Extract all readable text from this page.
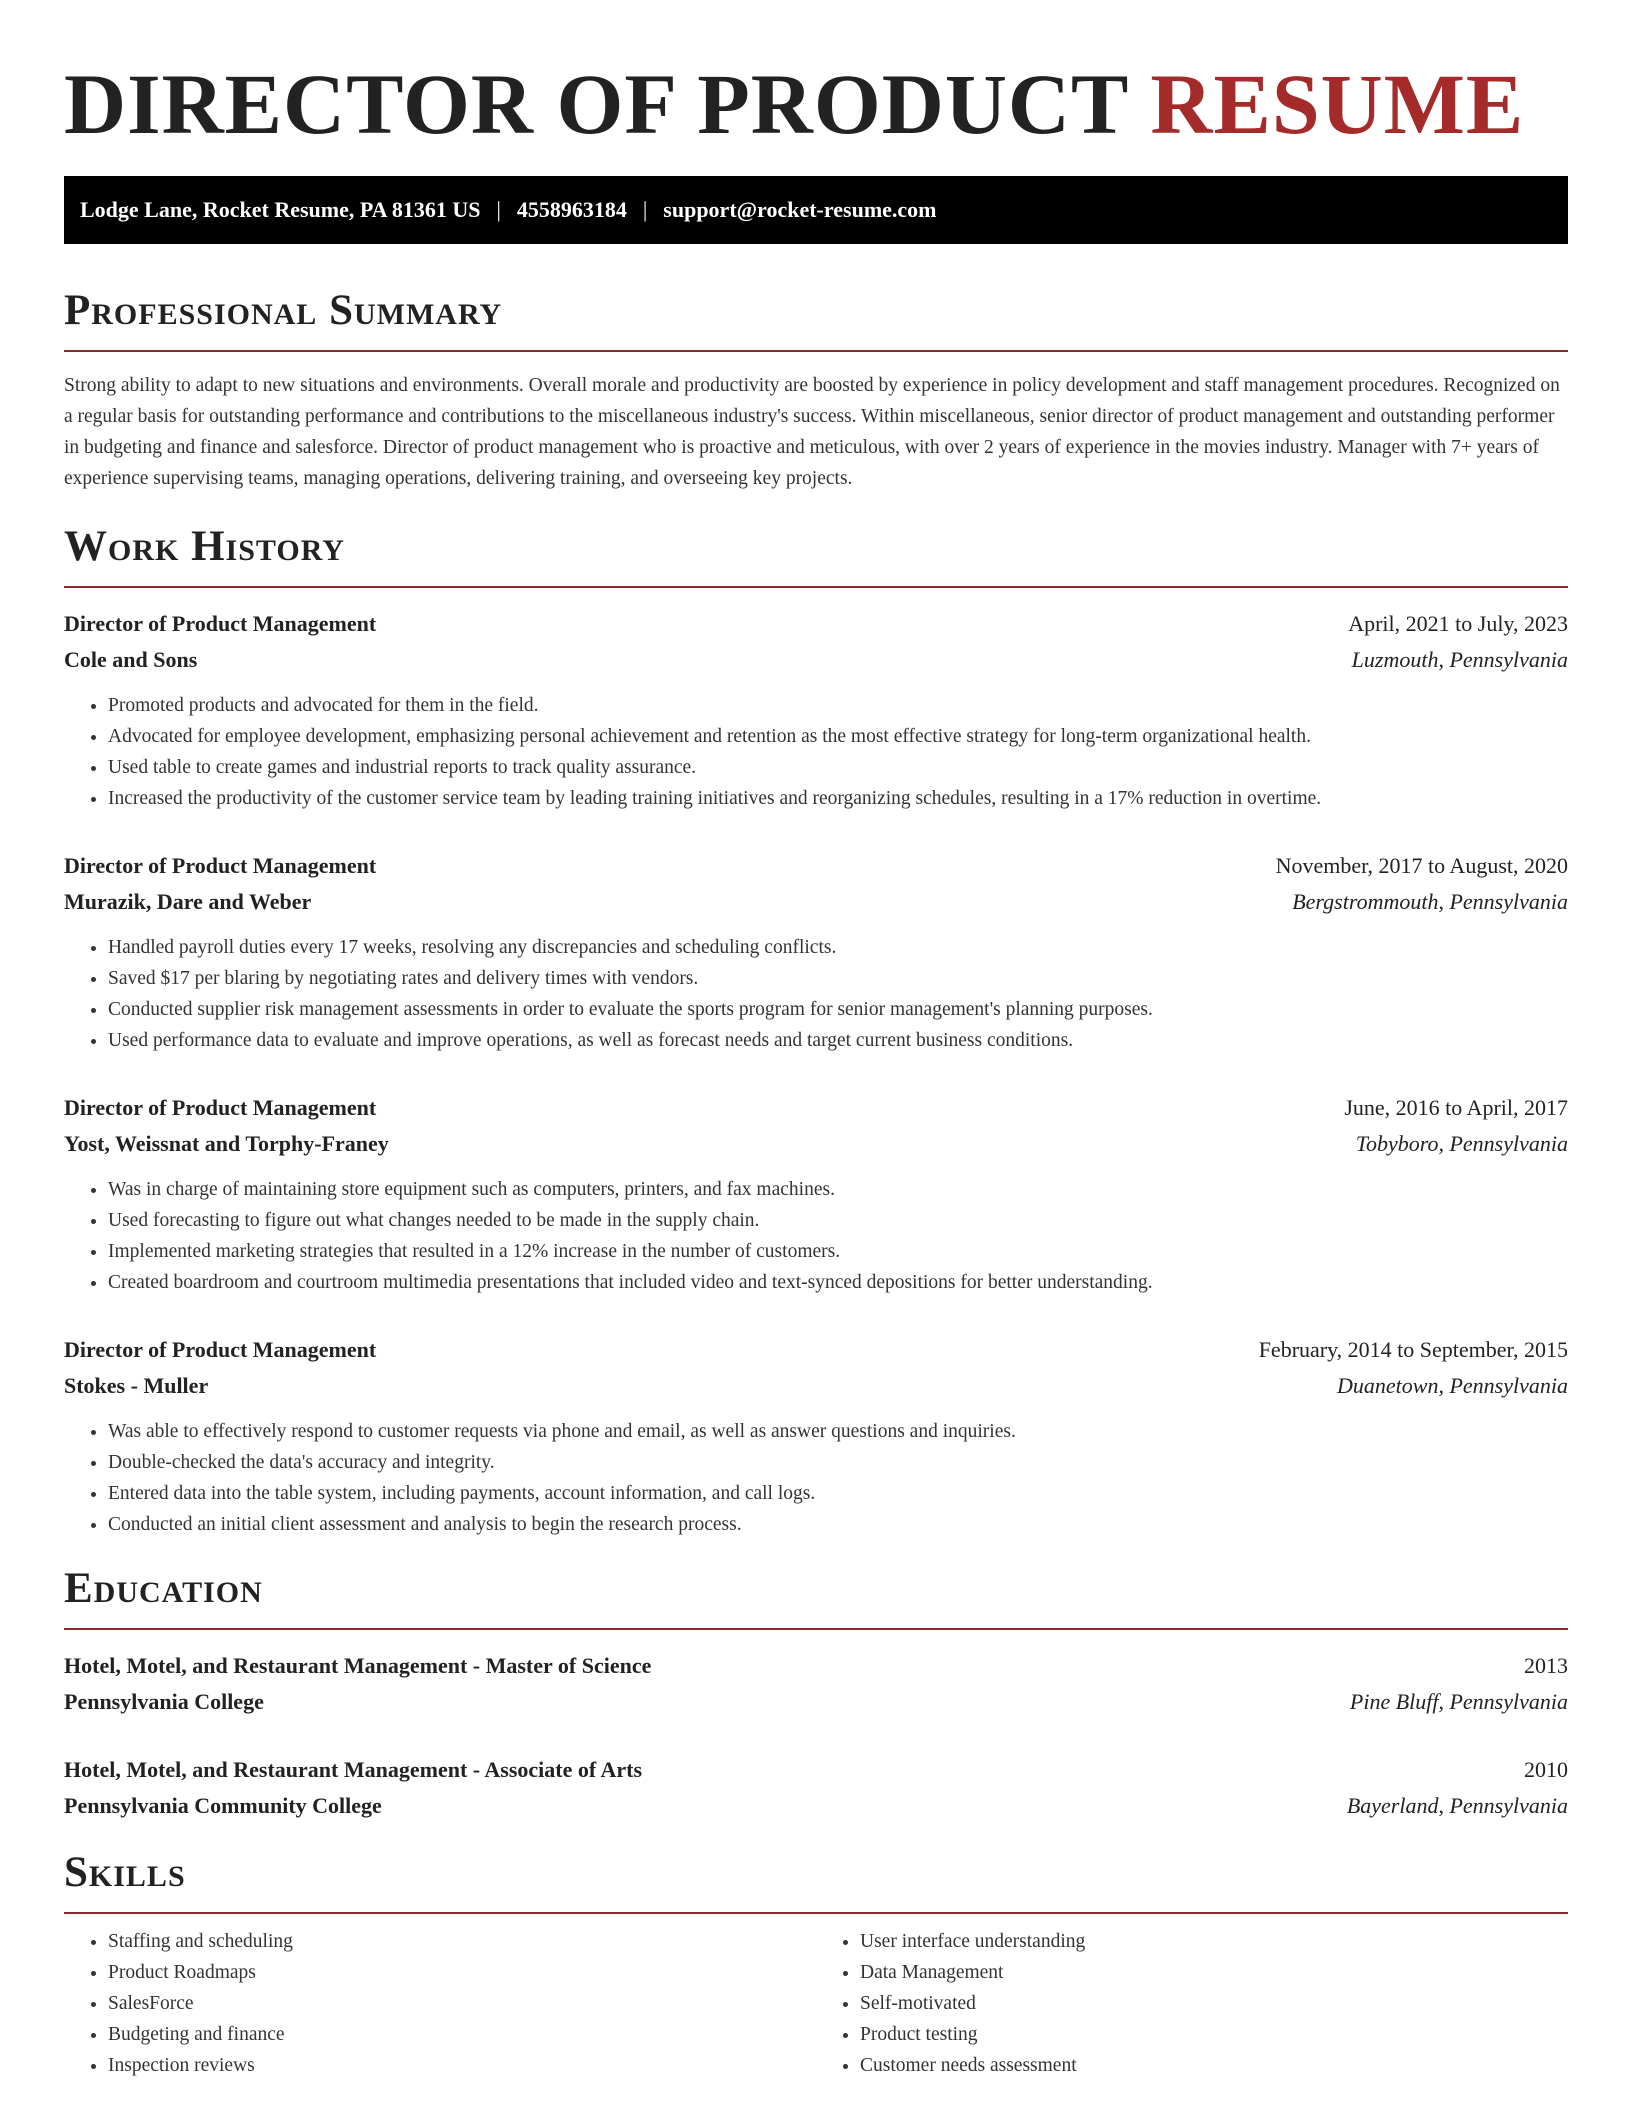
DIRECTOR OF PRODUCT RESUME
Lodge Lane, Rocket Resume, PA 81361 US | 4558963184 | support@rocket-resume.com
Professional Summary

Strong ability to adapt to new situations and environments. Overall morale and productivity are boosted by experience in policy development and staff management procedures. Recognized on a regular basis for outstanding performance and contributions to the miscellaneous industry's success. Within miscellaneous, senior director of product management and outstanding performer in budgeting and finance and salesforce. Director of product management who is proactive and meticulous, with over 2 years of experience in the movies industry. Manager with 7+ years of experience supervising teams, managing operations, delivering training, and overseeing key projects.

Work History
Director of Product Management	April, 2021 to July, 2023
Cole and Sons	Luzmouth, Pennsylvania
• Promoted products and advocated for them in the field.
• Advocated for employee development, emphasizing personal achievement and retention as the most effective strategy for long-term organizational health.
• Used table to create games and industrial reports to track quality assurance.
• Increased the productivity of the customer service team by leading training initiatives and reorganizing schedules, resulting in a 17% reduction in overtime.
Director of Product Management	November, 2017 to August, 2020
Murazik, Dare and Weber	Bergstrommouth, Pennsylvania
• Handled payroll duties every 17 weeks, resolving any discrepancies and scheduling conflicts.
• Saved $17 per blaring by negotiating rates and delivery times with vendors.
• Conducted supplier risk management assessments in order to evaluate the sports program for senior management's planning purposes.
• Used performance data to evaluate and improve operations, as well as forecast needs and target current business conditions.
Director of Product Management	June, 2016 to April, 2017
Yost, Weissnat and Torphy-Franey	Tobyboro, Pennsylvania
• Was in charge of maintaining store equipment such as computers, printers, and fax machines.
• Used forecasting to figure out what changes needed to be made in the supply chain.
• Implemented marketing strategies that resulted in a 12% increase in the number of customers.
• Created boardroom and courtroom multimedia presentations that included video and text-synced depositions for better understanding.
Director of Product Management	February, 2014 to September, 2015
Stokes - Muller	Duanetown, Pennsylvania
• Was able to effectively respond to customer requests via phone and email, as well as answer questions and inquiries.
• Double-checked the data's accuracy and integrity.
• Entered data into the table system, including payments, account information, and call logs.
• Conducted an initial client assessment and analysis to begin the research process.
Education
Hotel, Motel, and Restaurant Management - Master of Science	2013
Pennsylvania College	Pine Bluff, Pennsylvania
Hotel, Motel, and Restaurant Management - Associate of Arts	2010
Pennsylvania Community College	Bayerland, Pennsylvania
Skills
• Staffing and scheduling
• Product Roadmaps
• SalesForce
• Budgeting and finance
• Inspection reviews
• User interface understanding
• Data Management
• Self-motivated
• Product testing
• Customer needs assessment
